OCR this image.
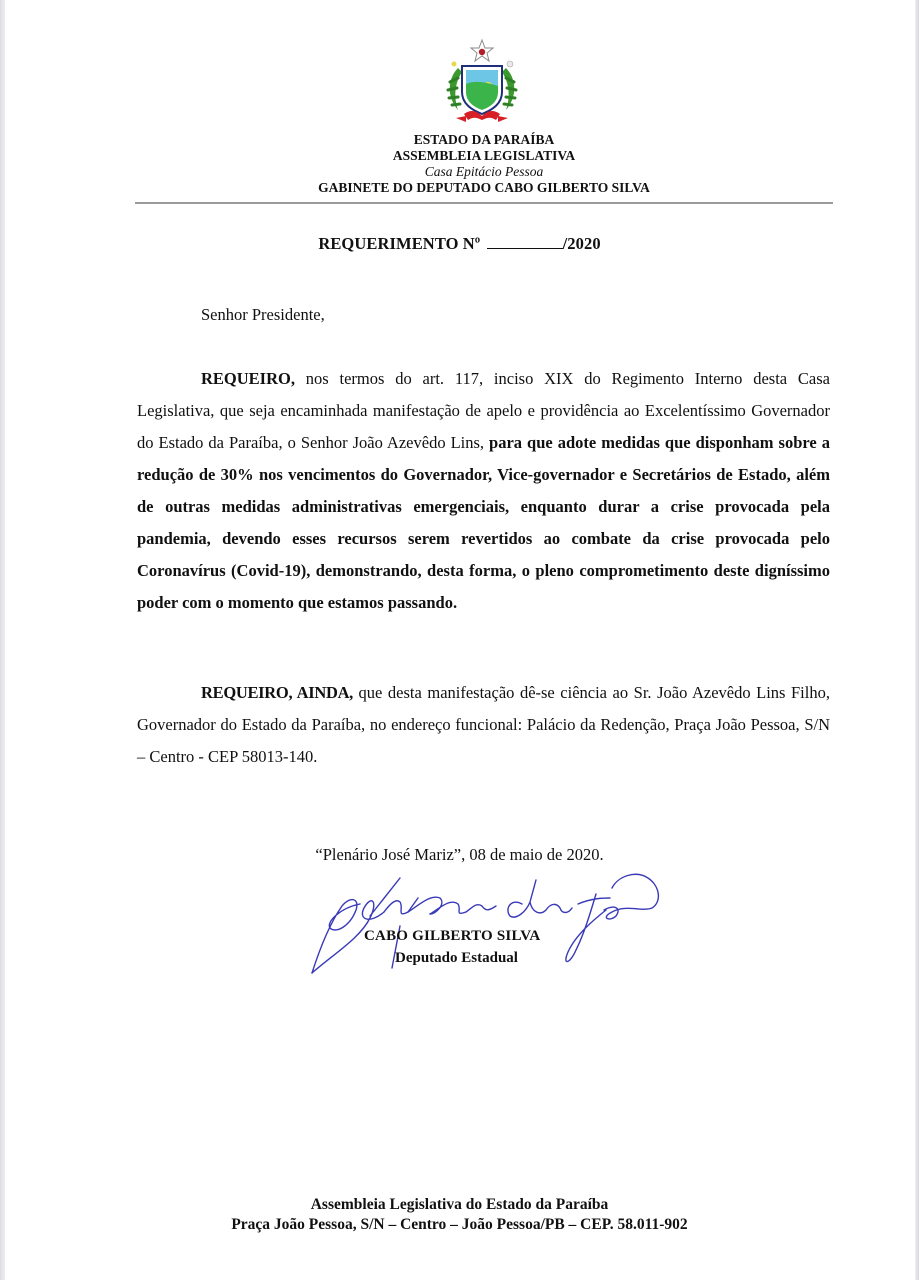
ESTADO DA PARAÍBA
ASSEMBLEIA LEGISLATIVA
Casa Epitácio Pessoa
GABINETE DO DEPUTADO CABO GILBERTO SILVA
REQUERIMENTO Nº	/2020
Senhor Presidente,

REQUEIRO, nos termos do art. 117, inciso XIX do Regimento Interno desta Casa Legislativa, que seja encaminhada manifestação de apelo e providência ao Excelentíssimo Governador do Estado da Paraíba, o Senhor João Azevêdo Lins, para que adote medidas que disponham sobre a redução de 30% nos vencimentos do Governador, Vice-governador e Secretários de Estado, além de outras medidas administrativas emergenciais, enquanto durar a crise provocada pela pandemia, devendo esses recursos serem revertidos ao combate da crise provocada pelo Coronavírus (Covid-19), demonstrando, desta forma, o pleno comprometimento deste digníssimo poder com o momento que estamos passando.

REQUEIRO, AINDA, que desta manifestação dê-se ciência ao Sr. João Azevêdo Lins Filho, Governador do Estado da Paraíba, no endereço funcional: Palácio da Redenção, Praça João Pessoa, S/N – Centro - CEP 58013-140.

“Plenário José Mariz”, 08 de maio de 2020.
CABO GILBERTO SILVA
Deputado Estadual
Assembleia Legislativa do Estado da Paraíba
Praça João Pessoa, S/N – Centro – João Pessoa/PB – CEP. 58.011-902
